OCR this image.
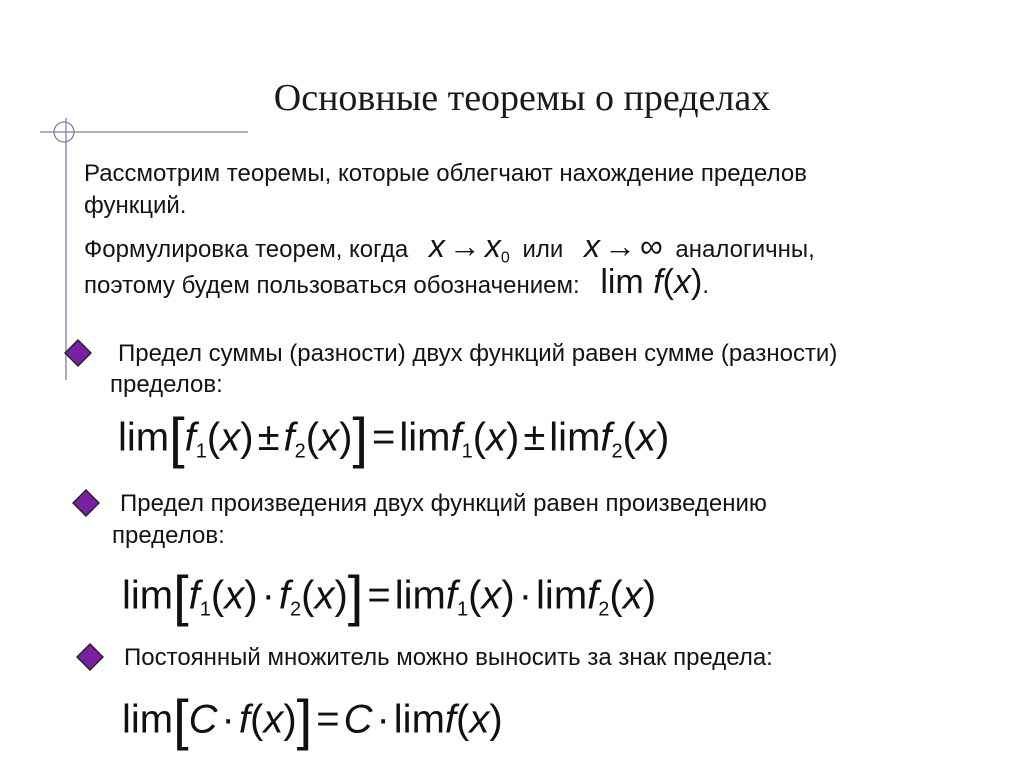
Основные теоремы о пределах
Рассмотрим теоремы, которые облегчают нахождение пределов
функций.
Формулировка теорем, когда $x \to x_0$ или x → ∞ аналогичны,
поэтому будем пользоваться обозначением: lim f(x).
Предел суммы (разности) двух функций равен сумме (разности)
пределов:
$\lim[f_1(x) \pm f_2(x)] = \lim f_1(x) \pm \lim f_2(x)$
Предел произведения двух функций равен произведению
пределов:
$\lim[f_1(x) \cdot f_2(x)] = \lim f_1(x) \cdot \lim f_2(x)$
Постоянный множитель можно выносить за знак предела:
lim[C · f(x)] = C · limf(x)
